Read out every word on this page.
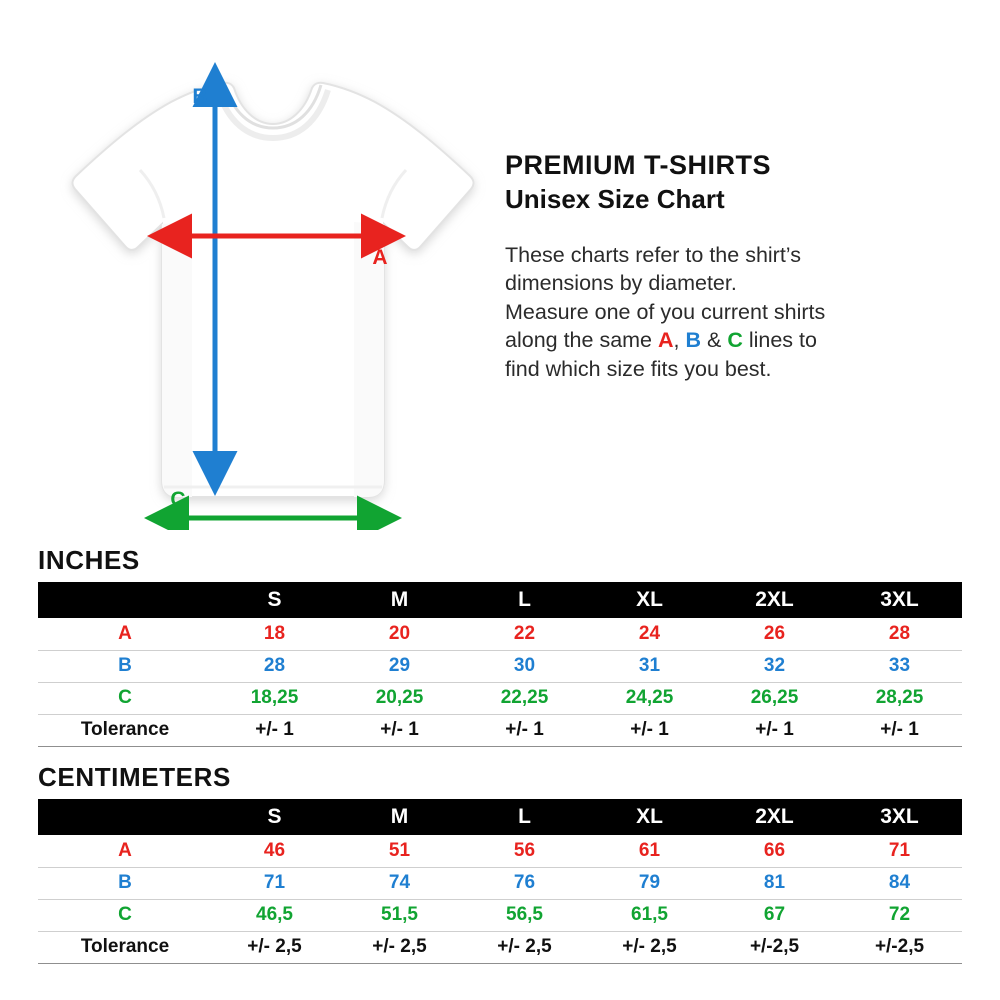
B
A
C
PREMIUM T-SHIRTS
Unisex Size Chart
These charts refer to the shirt’s
dimensions by diameter.
Measure one of you current shirts
along the same A, B & C lines to
find which size fits you best.
INCHES
	S	M	L	XL	2XL	3XL
A	18	20	22	24	26	28
B	28	29	30	31	32	33
C	18,25	20,25	22,25	24,25	26,25	28,25
Tolerance	+/- 1	+/- 1	+/- 1	+/- 1	+/- 1	+/- 1
CENTIMETERS
	S	M	L	XL	2XL	3XL
A	46	51	56	61	66	71
B	71	74	76	79	81	84
C	46,5	51,5	56,5	61,5	67	72
Tolerance	+/- 2,5	+/- 2,5	+/- 2,5	+/- 2,5	+/-2,5	+/-2,5
